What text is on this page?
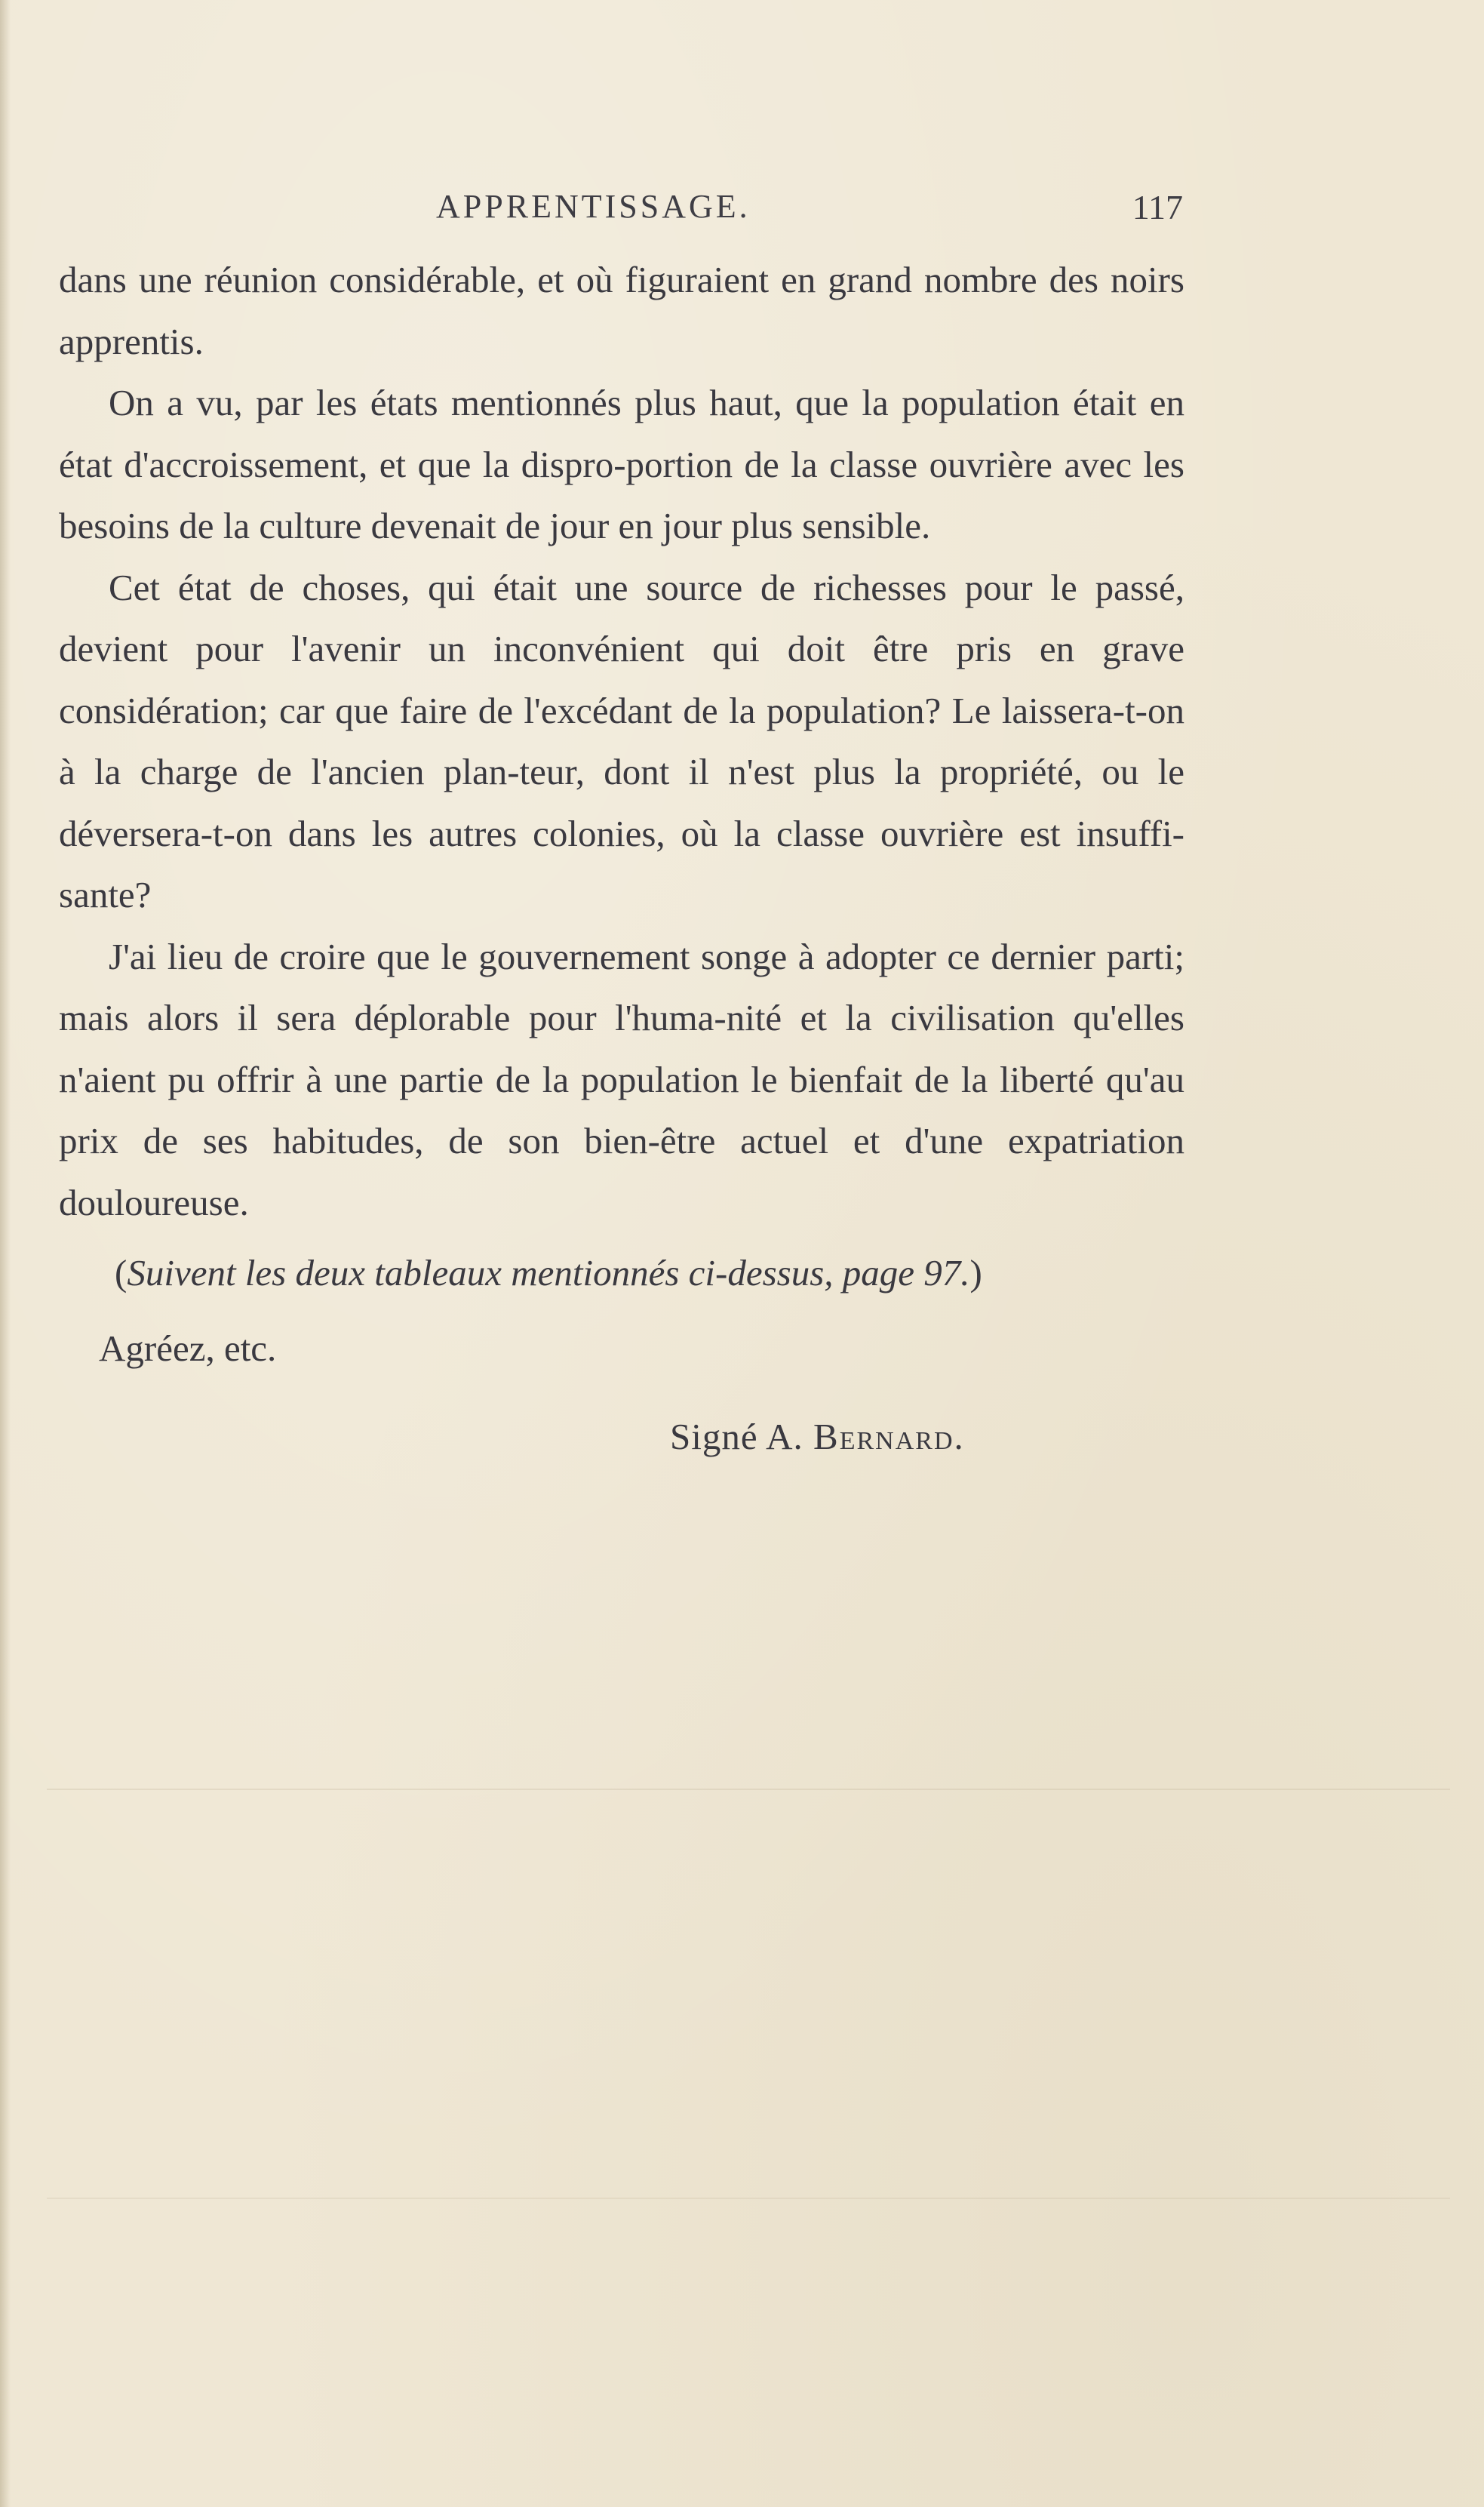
APPRENTISSAGE.	117

dans une réunion considérable, et où figuraient en grand nombre des noirs apprentis.

On a vu, par les états mentionnés plus haut, que la population était en état d'accroissement, et que la dispro-portion de la classe ouvrière avec les besoins de la culture devenait de jour en jour plus sensible.

Cet état de choses, qui était une source de richesses pour le passé, devient pour l'avenir un inconvénient qui doit être pris en grave considération; car que faire de l'excédant de la population? Le laissera-t-on à la charge de l'ancien plan-teur, dont il n'est plus la propriété, ou le déversera-t-on dans les autres colonies, où la classe ouvrière est insuffi-sante?

J'ai lieu de croire que le gouvernement songe à adopter ce dernier parti; mais alors il sera déplorable pour l'huma-nité et la civilisation qu'elles n'aient pu offrir à une partie de la population le bienfait de la liberté qu'au prix de ses habitudes, de son bien-être actuel et d'une expatriation douloureuse.

(Suivent les deux tableaux mentionnés ci-dessus, page 97.)

Agréez, etc.

Signé A. Bernard.
